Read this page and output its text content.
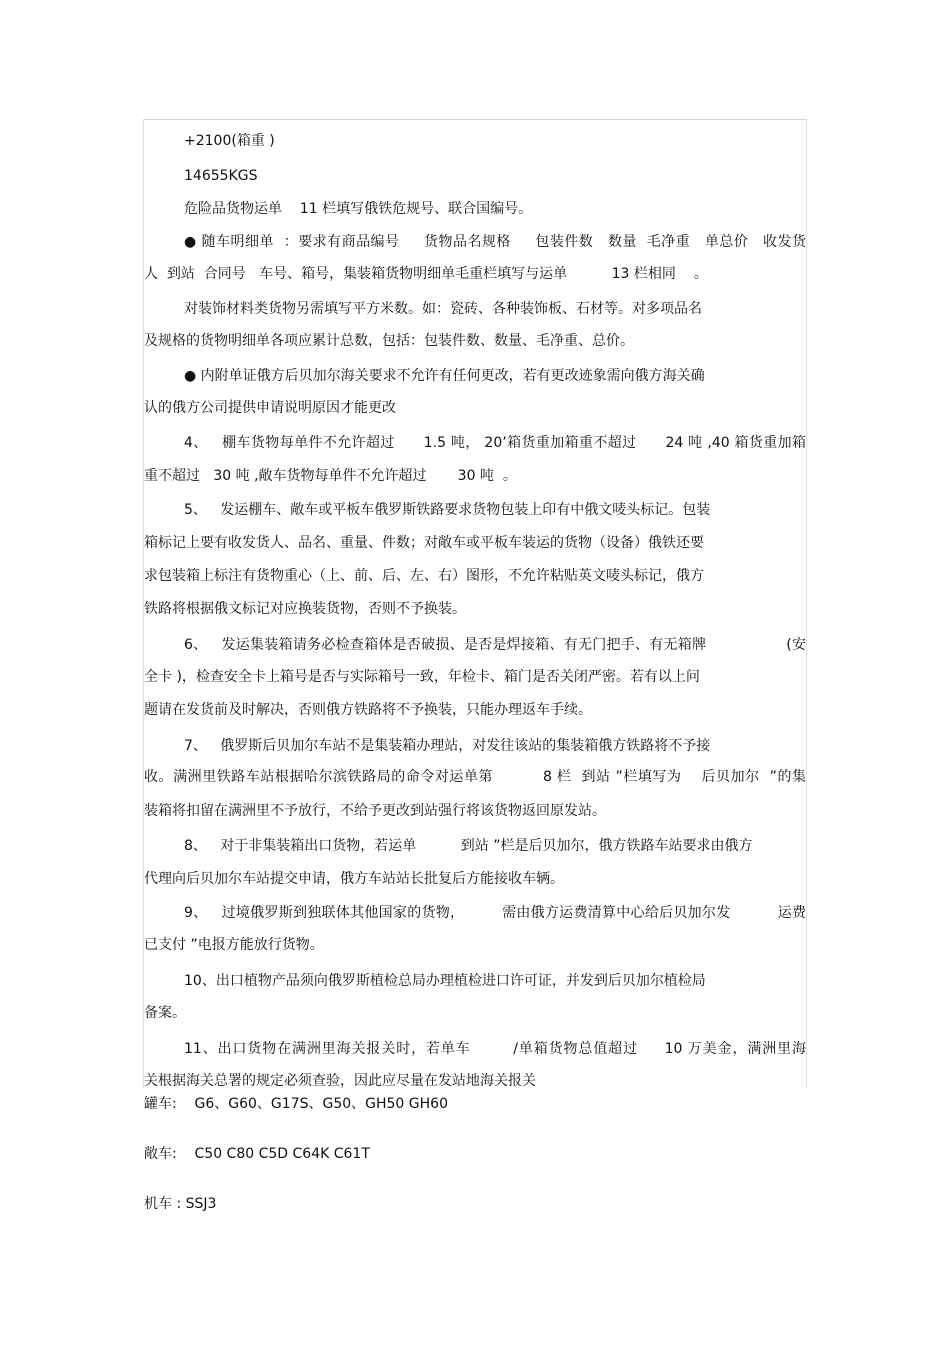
+2100(箱重 )
14655KGS
危险品货物运单    11 栏填写俄铁危规号、联合国编号。
● 随车明细单  ：要求有商品编号     货物品名规格     包装件数   数量  毛净重   单总价   收发货
人  到站  合同号   车号、箱号，集装箱货物明细单毛重栏填写与运单          13 栏相同    。
对装饰材料类货物另需填写平方米数。如：瓷砖、各种装饰板、石材等。对多项品名
及规格的货物明细单各项应累计总数，包括：包装件数、数量、毛净重、总价。
● 内附单证俄方后贝加尔海关要求不允许有任何更改，若有更改迹象需向俄方海关确
认的俄方公司提供申请说明原因才能更改
4、   棚车货物每单件不允许超过      1.5 吨， 20’箱货重加箱重不超过      24 吨 ,40 箱货重加箱
重不超过   30 吨 ,敞车货物每单件不允许超过       30 吨  。
5、   发运棚车、敞车或平板车俄罗斯铁路要求货物包装上印有中俄文唛头标记。包装
箱标记上要有收发货人、品名、重量、件数；对敞车或平板车装运的货物（设备）俄铁还要
求包装箱上标注有货物重心（上、前、后、左、右）图形，不允许粘贴英文唛头标记，俄方
铁路将根据俄文标记对应换装货物，否则不予换装。
6、   发运集装箱请务必检查箱体是否破损、是否是焊接箱、有无门把手、有无箱牌                 (安
全卡 )，检查安全卡上箱号是否与实际箱号一致，年检卡、箱门是否关闭严密。若有以上问
题请在发货前及时解决，否则俄方铁路将不予换装，只能办理返车手续。
7、   俄罗斯后贝加尔车站不是集装箱办理站，对发往该站的集装箱俄方铁路将不予接
收。满洲里铁路车站根据哈尔滨铁路局的命令对运单第          8 栏  到站 ”栏填写为    后贝加尔  ”的集
装箱将扣留在满洲里不予放行，不给予更改到站强行将该货物返回原发站。
8、   对于非集装箱出口货物，若运单          到站 ”栏是后贝加尔，俄方铁路车站要求由俄方
代理向后贝加尔车站提交申请，俄方车站站长批复后方能接收车辆。
9、   过境俄罗斯到独联体其他国家的货物，        需由俄方运费清算中心给后贝加尔发          运费
已支付 ”电报方能放行货物。
10、出口植物产品须向俄罗斯植检总局办理植检进口许可证，并发到后贝加尔植检局
备案。
11、出口货物在满洲里海关报关时，若单车        /单箱货物总值超过     10 万美金，满洲里海
关根据海关总署的规定必须查验，因此应尽量在发站地海关报关
罐车:    G6、G60、G17S、G50、GH50 GH60
敞车:    C50 C80 C5D C64K C61T
机车 : SSJ3
